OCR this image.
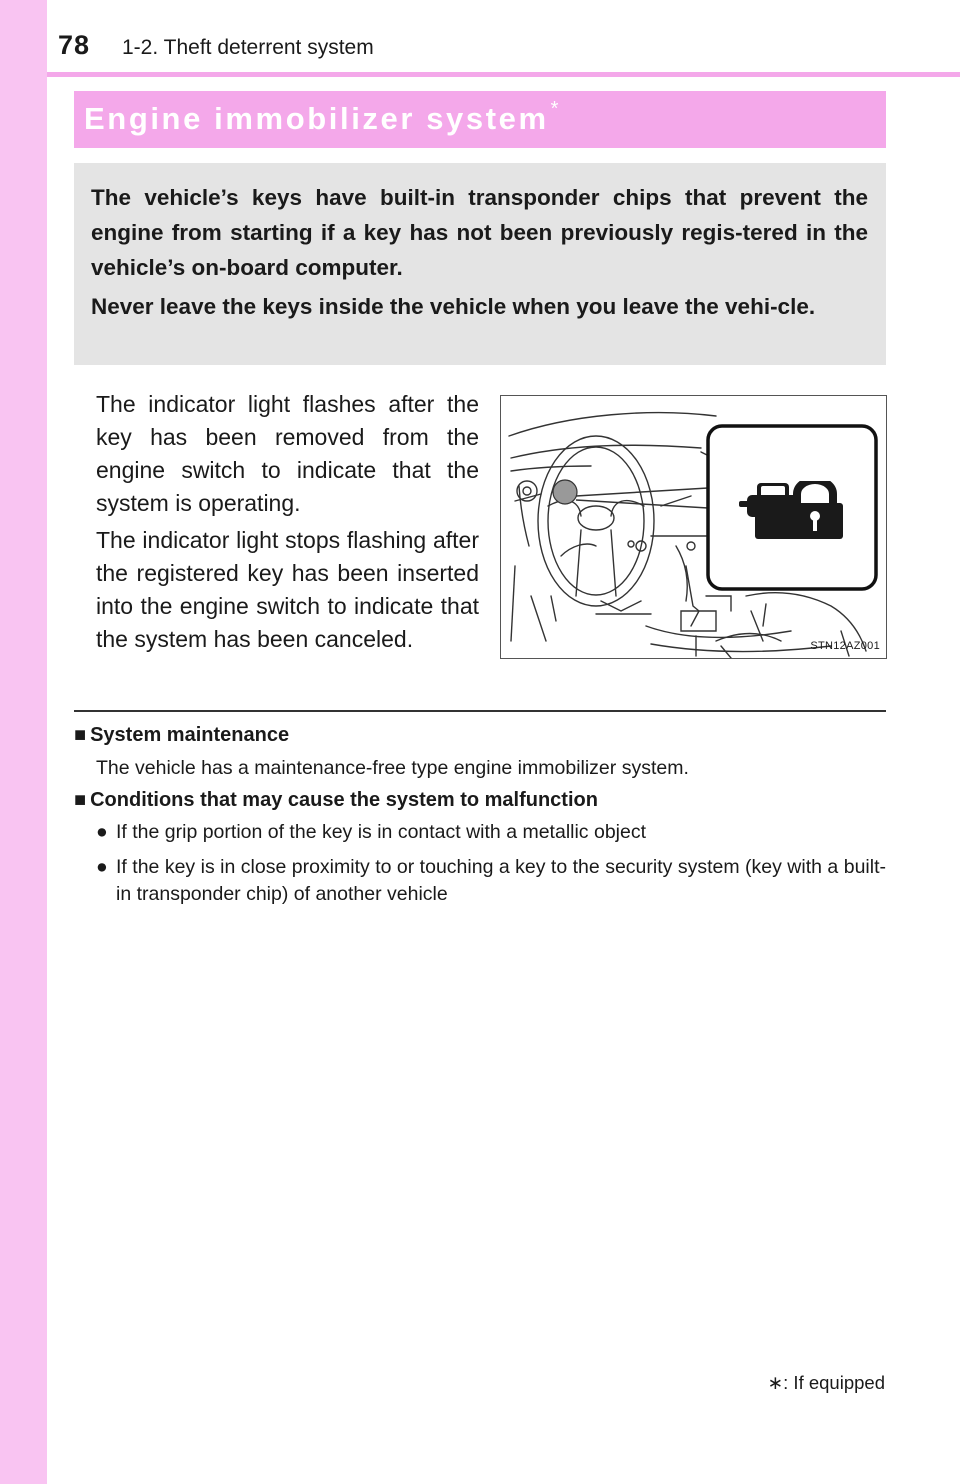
78 1-2. Theft deterrent system
Engine immobilizer system *

The vehicle’s keys have built-in transponder chips that prevent the engine from starting if a key has not been previously regis-tered in the vehicle’s on-board computer.

Never leave the keys inside the vehicle when you leave the vehi-cle.

The indicator light flashes after the key has been removed from the engine switch to indicate that the system is operating.

The indicator light stops flashing after the registered key has been inserted into the engine switch to indicate that the system has been canceled.	STN12AZ001
■ System maintenance

The vehicle has a maintenance-free type engine immobilizer system.

■ Conditions that may cause the system to malfunction
● If the grip portion of the key is in contact with a metallic object
● If the key is in close proximity to or touching a key to the security system (key with a built-in transponder chip) of another vehicle
∗: If equipped
